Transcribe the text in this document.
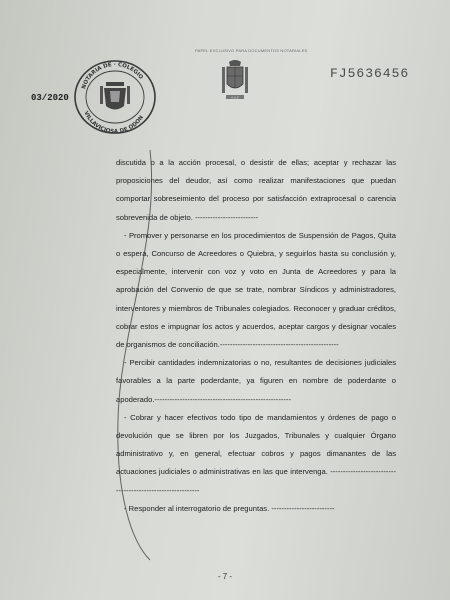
PAPEL EXCLUSIVO PARA DOCUMENTOS NOTARIALES
FJ5636456
03/2020
NOTARIA DE · COLEGIO
VILLAVICIOSA DE ODON
A.A.E

discutida o a la acción procesal, o desistir de ellas; aceptar y rechazar las proposiciones del deudor, así como realizar manifestaciones que puedan comportar sobreseimiento del proceso por satisfacción extraprocesal o carencia sobrevenida de objeto. -------------------------

- Promover y personarse en los procedimientos de Suspensión de Pagos, Quita o espera, Concurso de Acreedores o Quiebra, y seguirlos hasta su conclusión y, especialmente, intervenir con voz y voto en Junta de Acreedores y para la aprobación del Convenio de que se trate, nombrar Síndicos y administradores, interventores y miembros de Tribunales colegiados. Reconocer y graduar créditos, cobrar estos e impugnar los actos y acuerdos, aceptar cargos y designar vocales de organismos de conciliación.-----------------------------------------------

- Percibir cantidades indemnizatorias o no, resultantes de decisiones judiciales favorables a la parte poderdante, ya figuren en nombre de poderdante o apoderado.------------------------------------------------------

- Cobrar y hacer efectivos todo tipo de mandamientos y órdenes de pago o devolución que se libren por los Juzgados, Tribunales y cualquier Órgano administrativo y, en general, efectuar cobros y pagos dimanantes de las actuaciones judiciales o administrativas en las que intervenga. -----------------------------------------------------------

- Responder al interrogatorio de preguntas. -------------------------

- 7 -
